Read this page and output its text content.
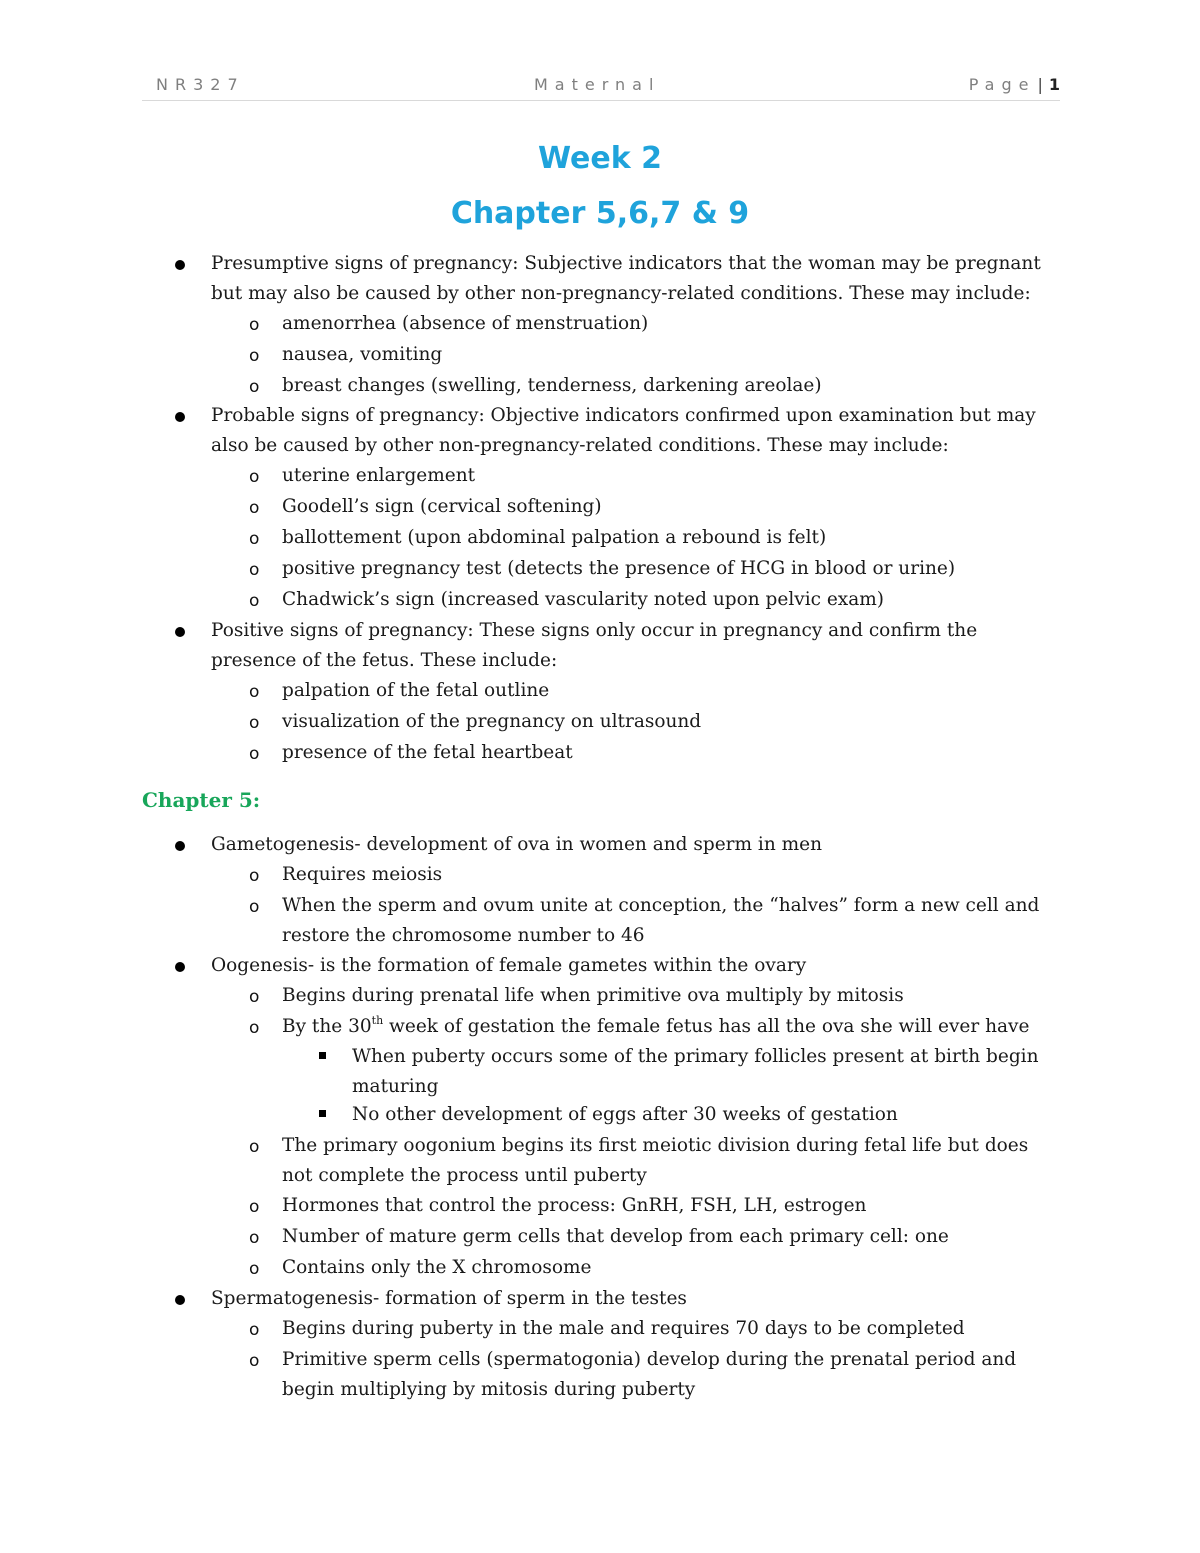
NR327	Maternal	Page | 1
Week 2
Chapter 5,6,7 & 9
Presumptive signs of pregnancy: Subjective indicators that the woman may be pregnant
but may also be caused by other non-pregnancy-related conditions. These may include:
o amenorrhea (absence of menstruation)
o nausea, vomiting
o breast changes (swelling, tenderness, darkening areolae)
Probable signs of pregnancy: Objective indicators confirmed upon examination but may
also be caused by other non-pregnancy-related conditions. These may include:
o uterine enlargement
o Goodell’s sign (cervical softening)
o ballottement (upon abdominal palpation a rebound is felt)
o positive pregnancy test (detects the presence of HCG in blood or urine)
o Chadwick’s sign (increased vascularity noted upon pelvic exam)
Positive signs of pregnancy: These signs only occur in pregnancy and confirm the
presence of the fetus. These include:
o palpation of the fetal outline
o visualization of the pregnancy on ultrasound
o presence of the fetal heartbeat
Chapter 5:
Gametogenesis- development of ova in women and sperm in men
o Requires meiosis
o When the sperm and ovum unite at conception, the “halves” form a new cell and
restore the chromosome number to 46
Oogenesis- is the formation of female gametes within the ovary
o Begins during prenatal life when primitive ova multiply by mitosis
o By the 30th week of gestation the female fetus has all the ova she will ever have
When puberty occurs some of the primary follicles present at birth begin
maturing
No other development of eggs after 30 weeks of gestation
o The primary oogonium begins its first meiotic division during fetal life but does
not complete the process until puberty
o Hormones that control the process: GnRH, FSH, LH, estrogen
o Number of mature germ cells that develop from each primary cell: one
o Contains only the X chromosome
Spermatogenesis- formation of sperm in the testes
o Begins during puberty in the male and requires 70 days to be completed
o Primitive sperm cells (spermatogonia) develop during the prenatal period and
begin multiplying by mitosis during puberty
